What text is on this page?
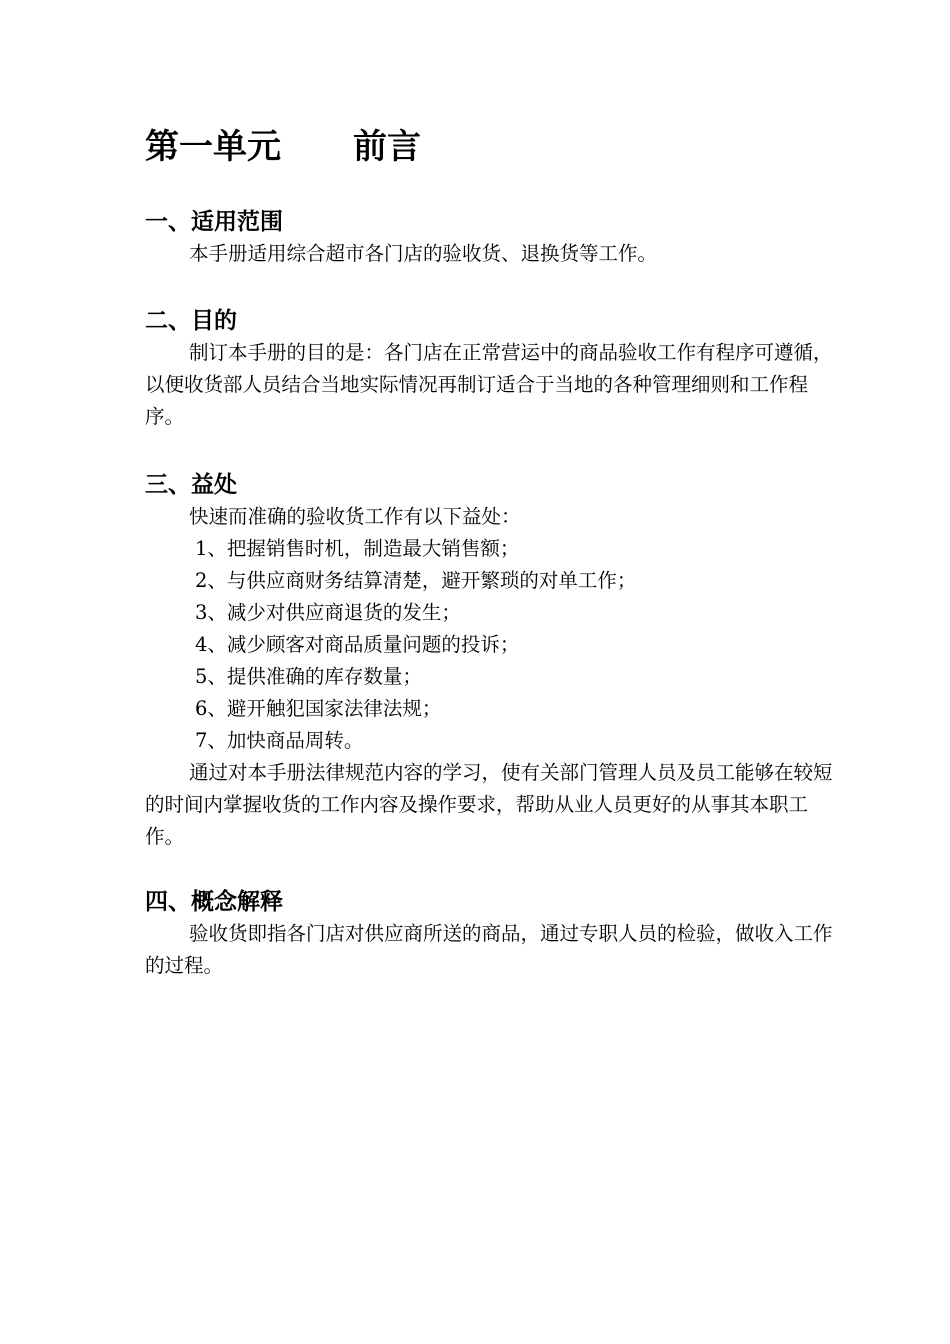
第一单元 前言
一、适用范围

本手册适用综合超市各门店的验收货、退换货等工作。

二、目的

制订本手册的目的是：各门店在正常营运中的商品验收工作有程序可遵循，以便收货部人员结合当地实际情况再制订适合于当地的各种管理细则和工作程序。

三、益处

快速而准确的验收货工作有以下益处：

1、把握销售时机，制造最大销售额；
2、与供应商财务结算清楚，避开繁琐的对单工作；
3、减少对供应商退货的发生；
4、减少顾客对商品质量问题的投诉；
5、提供准确的库存数量；
6、避开触犯国家法律法规；
7、加快商品周转。

通过对本手册法律规范内容的学习，使有关部门管理人员及员工能够在较短的时间内掌握收货的工作内容及操作要求，帮助从业人员更好的从事其本职工作。

四、概念解释

验收货即指各门店对供应商所送的商品，通过专职人员的检验，做收入工作的过程。
